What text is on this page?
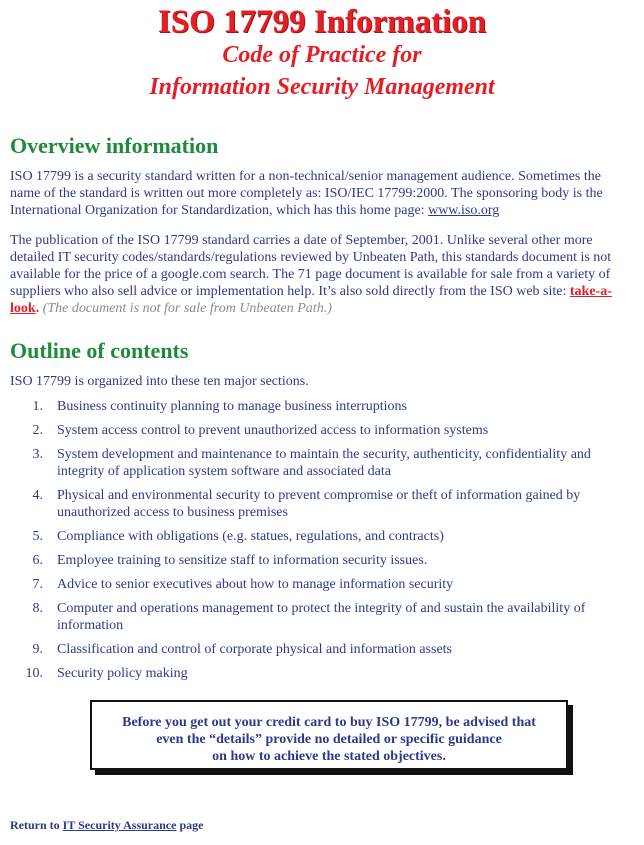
ISO 17799 Information
Code of Practice for
Information Security Management
Overview information

ISO 17799 is a security standard written for a non-technical/senior management audience. Sometimes the name of the standard is written out more completely as: ISO/IEC 17799:2000. The sponsoring body is the International Organization for Standardization, which has this home page: www.iso.org

The publication of the ISO 17799 standard carries a date of September, 2001. Unlike several other more detailed IT security codes/standards/regulations reviewed by Unbeaten Path, this standards document is not available for the price of a google.com search. The 71 page document is available for sale from a variety of suppliers who also sell advice or implementation help. It’s also sold directly from the ISO web site: take-a-look. (The document is not for sale from Unbeaten Path.)

Outline of contents

ISO 17799 is organized into these ten major sections.

1. Business continuity planning to manage business interruptions
2. System access control to prevent unauthorized access to information systems
3. System development and maintenance to maintain the security, authenticity, confidentiality and integrity of application system software and associated data
4. Physical and environmental security to prevent compromise or theft of information gained by unauthorized access to business premises
5. Compliance with obligations (e.g. statues, regulations, and contracts)
6. Employee training to sensitize staff to information security issues.
7. Advice to senior executives about how to manage information security
8. Computer and operations management to protect the integrity of and sustain the availability of information
9. Classification and control of corporate physical and information assets
10. Security policy making
Before you get out your credit card to buy ISO 17799, be advised that
even the “details” provide no detailed or specific guidance
on how to achieve the stated objectives.

Return to IT Security Assurance page
